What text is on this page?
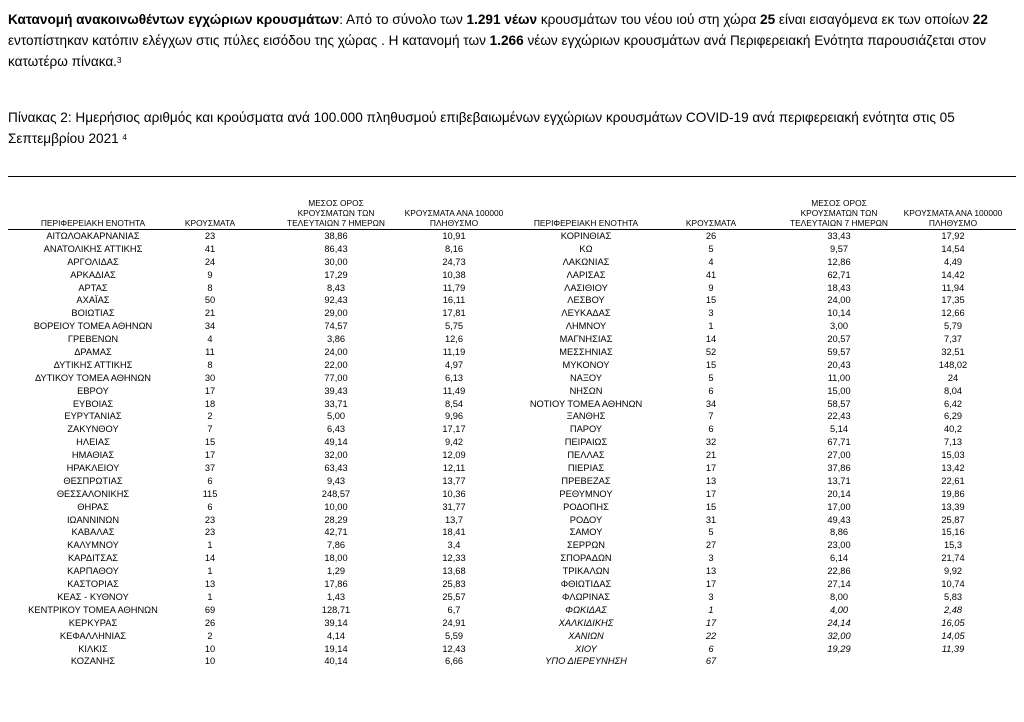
Κατανομή ανακοινωθέντων εγχώριων κρουσμάτων: Από το σύνολο των 1.291 νέων κρουσμάτων του νέου ιού στη χώρα 25 είναι εισαγόμενα εκ των οποίων 22 εντοπίστηκαν κατόπιν ελέγχων στις πύλες εισόδου της χώρας . Η κατανομή των 1.266 νέων εγχώριων κρουσμάτων ανά Περιφερειακή Ενότητα παρουσιάζεται στον κατωτέρω πίνακα.$^3$
Πίνακας 2: Ημερήσιος αριθμός και κρούσματα ανά 100.000 πληθυσμού επιβεβαιωμένων εγχώριων κρουσμάτων COVID-19 ανά περιφερειακή ενότητα στις 05 Σεπτεμβρίου 2021 $^4$
ΠΕΡΙΦΕΡΕΙΑΚΗ ΕΝΟΤΗΤΑ	ΚΡΟΥΣΜΑΤΑ
ΜΕΣΟΣ ΟΡΟΣ
ΚΡΟΥΣΜΑΤΩΝ ΤΩΝ
ΤΕΛΕΥΤΑΙΩΝ 7 ΗΜΕΡΩΝ
ΚΡΟΥΣΜΑΤΑ ΑΝΑ 100000
ΠΛΗΘΥΣΜΟ	ΠΕΡΙΦΕΡΕΙΑΚΗ ΕΝΟΤΗΤΑ	ΚΡΟΥΣΜΑΤΑ
ΜΕΣΟΣ ΟΡΟΣ
ΚΡΟΥΣΜΑΤΩΝ ΤΩΝ
ΤΕΛΕΥΤΑΙΩΝ 7 ΗΜΕΡΩΝ
ΚΡΟΥΣΜΑΤΑ ΑΝΑ 100000
ΠΛΗΘΥΣΜΟ
ΑΙΤΩΛΟΑΚΑΡΝΑΝΙΑΣ	23	38,86	10,91	ΚΟΡΙΝΘΙΑΣ	26	33,43	17,92
ΑΝΑΤΟΛΙΚΗΣ ΑΤΤΙΚΗΣ	41	86,43	8,16	ΚΩ	5	9,57	14,54
ΑΡΓΟΛΙΔΑΣ	24	30,00	24,73	ΛΑΚΩΝΙΑΣ	4	12,86	4,49
ΑΡΚΑΔΙΑΣ	9	17,29	10,38	ΛΑΡΙΣΑΣ	41	62,71	14,42
ΑΡΤΑΣ	8	8,43	11,79	ΛΑΣΙΘΙΟΥ	9	18,43	11,94
ΑΧΑΪΑΣ	50	92,43	16,11	ΛΕΣΒΟΥ	15	24,00	17,35
ΒΟΙΩΤΙΑΣ	21	29,00	17,81	ΛΕΥΚΑΔΑΣ	3	10,14	12,66
ΒΟΡΕΙΟΥ ΤΟΜΕΑ ΑΘΗΝΩΝ	34	74,57	5,75	ΛΗΜΝΟΥ	1	3,00	5,79
ΓΡΕΒΕΝΩΝ	4	3,86	12,6	ΜΑΓΝΗΣΙΑΣ	14	20,57	7,37
ΔΡΑΜΑΣ	11	24,00	11,19	ΜΕΣΣΗΝΙΑΣ	52	59,57	32,51
ΔΥΤΙΚΗΣ ΑΤΤΙΚΗΣ	8	22,00	4,97	ΜΥΚΟΝΟΥ	15	20,43	148,02
ΔΥΤΙΚΟΥ ΤΟΜΕΑ ΑΘΗΝΩΝ	30	77,00	6,13	ΝΑΞΟΥ	5	11,00	24
ΕΒΡΟΥ	17	39,43	11,49	ΝΗΣΩΝ	6	15,00	8,04
ΕΥΒΟΙΑΣ	18	33,71	8,54	ΝΟΤΙΟΥ ΤΟΜΕΑ ΑΘΗΝΩΝ	34	58,57	6,42
ΕΥΡΥΤΑΝΙΑΣ	2	5,00	9,96	ΞΑΝΘΗΣ	7	22,43	6,29
ΖΑΚΥΝΘΟΥ	7	6,43	17,17	ΠΑΡΟΥ	6	5,14	40,2
ΗΛΕΙΑΣ	15	49,14	9,42	ΠΕΙΡΑΙΩΣ	32	67,71	7,13
ΗΜΑΘΙΑΣ	17	32,00	12,09	ΠΕΛΛΑΣ	21	27,00	15,03
ΗΡΑΚΛΕΙΟΥ	37	63,43	12,11	ΠΙΕΡΙΑΣ	17	37,86	13,42
ΘΕΣΠΡΩΤΙΑΣ	6	9,43	13,77	ΠΡΕΒΕΖΑΣ	13	13,71	22,61
ΘΕΣΣΑΛΟΝΙΚΗΣ	115	248,57	10,36	ΡΕΘΥΜΝΟΥ	17	20,14	19,86
ΘΗΡΑΣ	6	10,00	31,77	ΡΟΔΟΠΗΣ	15	17,00	13,39
ΙΩΑΝΝΙΝΩΝ	23	28,29	13,7	ΡΟΔΟΥ	31	49,43	25,87
ΚΑΒΑΛΑΣ	23	42,71	18,41	ΣΑΜΟΥ	5	8,86	15,16
ΚΑΛΥΜΝΟΥ	1	7,86	3,4	ΣΕΡΡΩΝ	27	23,00	15,3
ΚΑΡΔΙΤΣΑΣ	14	18,00	12,33	ΣΠΟΡΑΔΩΝ	3	6,14	21,74
ΚΑΡΠΑΘΟΥ	1	1,29	13,68	ΤΡΙΚΑΛΩΝ	13	22,86	9,92
ΚΑΣΤΟΡΙΑΣ	13	17,86	25,83	ΦΘΙΩΤΙΔΑΣ	17	27,14	10,74
ΚΕΑΣ - ΚΥΘΝΟΥ	1	1,43	25,57	ΦΛΩΡΙΝΑΣ	3	8,00	5,83
ΚΕΝΤΡΙΚΟΥ ΤΟΜΕΑ ΑΘΗΝΩΝ	69	128,71	6,7	ΦΩΚΙΔΑΣ	1	4,00	2,48
ΚΕΡΚΥΡΑΣ	26	39,14	24,91	ΧΑΛΚΙΔΙΚΗΣ	17	24,14	16,05
ΚΕΦΑΛΛΗΝΙΑΣ	2	4,14	5,59	ΧΑΝΙΩΝ	22	32,00	14,05
ΚΙΛΚΙΣ	10	19,14	12,43	ΧΙΟΥ	6	19,29	11,39
ΚΟΖΑΝΗΣ	10	40,14	6,66	ΥΠΟ ΔΙΕΡΕΥΝΗΣΗ	67
